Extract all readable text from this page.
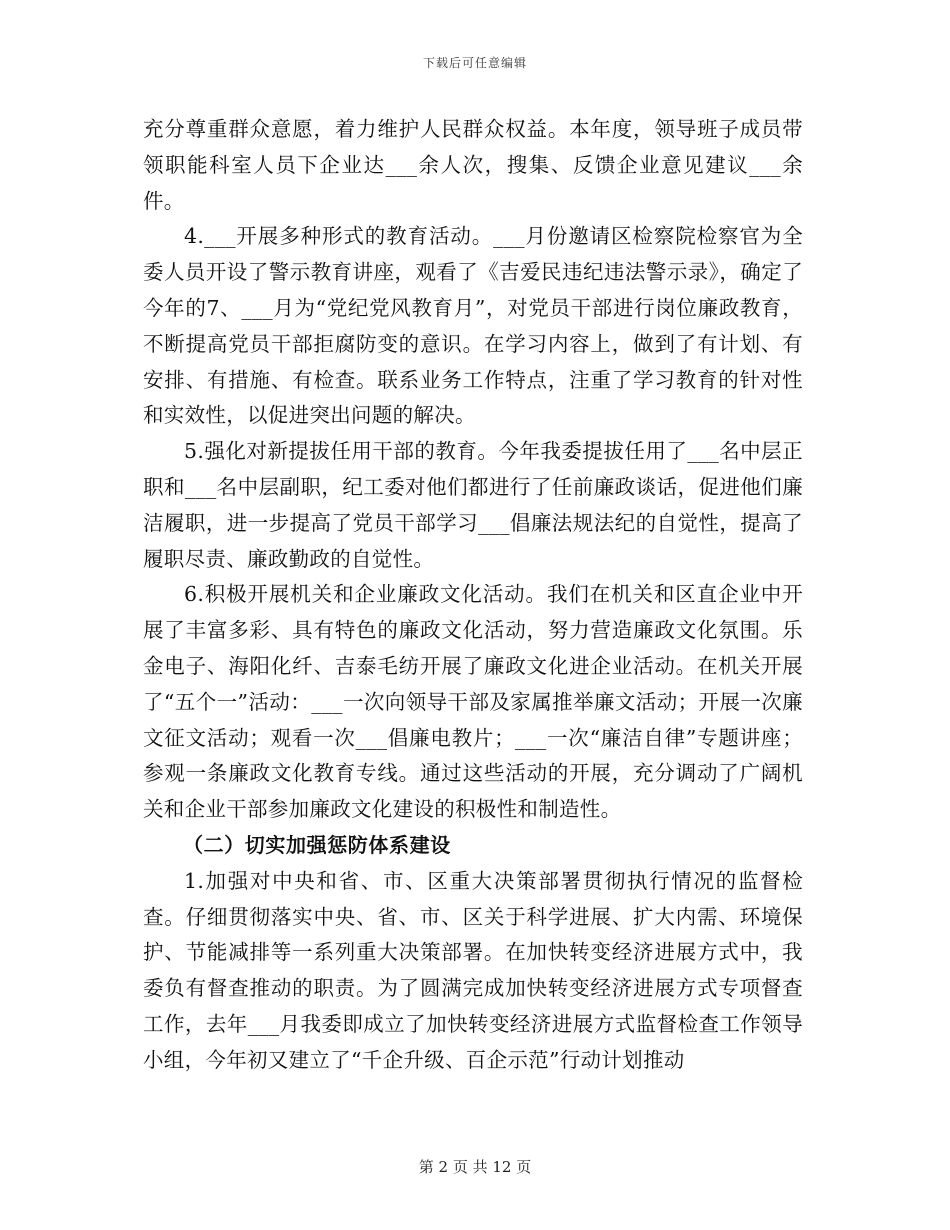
下载后可任意编辑

充分尊重群众意愿，着力维护人民群众权益。本年度，领导班子成员带领职能科室人员下企业达___余人次，搜集、反馈企业意见建议___余件。

4.___开展多种形式的教育活动。___月份邀请区检察院检察官为全委人员开设了警示教育讲座，观看了《吉爱民违纪违法警示录》，确定了今年的7、___月为“党纪党风教育月”，对党员干部进行岗位廉政教育，不断提高党员干部拒腐防变的意识。在学习内容上，做到了有计划、有安排、有措施、有检查。联系业务工作特点，注重了学习教育的针对性和实效性，以促进突出问题的解决。

5.强化对新提拔任用干部的教育。今年我委提拔任用了___名中层正职和___名中层副职，纪工委对他们都进行了任前廉政谈话，促进他们廉洁履职，进一步提高了党员干部学习___倡廉法规法纪的自觉性，提高了履职尽责、廉政勤政的自觉性。

6.积极开展机关和企业廉政文化活动。我们在机关和区直企业中开展了丰富多彩、具有特色的廉政文化活动，努力营造廉政文化氛围。乐金电子、海阳化纤、吉泰毛纺开展了廉政文化进企业活动。在机关开展了“五个一”活动：___一次向领导干部及家属推举廉文活动；开展一次廉文征文活动；观看一次___倡廉电教片；___一次“廉洁自律”专题讲座；参观一条廉政文化教育专线。通过这些活动的开展，充分调动了广阔机关和企业干部参加廉政文化建设的积极性和制造性。

（二）切实加强惩防体系建设

1.加强对中央和省、市、区重大决策部署贯彻执行情况的监督检查。仔细贯彻落实中央、省、市、区关于科学进展、扩大内需、环境保护、节能减排等一系列重大决策部署。在加快转变经济进展方式中，我委负有督查推动的职责。为了圆满完成加快转变经济进展方式专项督查工作，去年___月我委即成立了加快转变经济进展方式监督检查工作领导小组，今年初又建立了“千企升级、百企示范”行动计划推动

第 2 页 共 12 页
